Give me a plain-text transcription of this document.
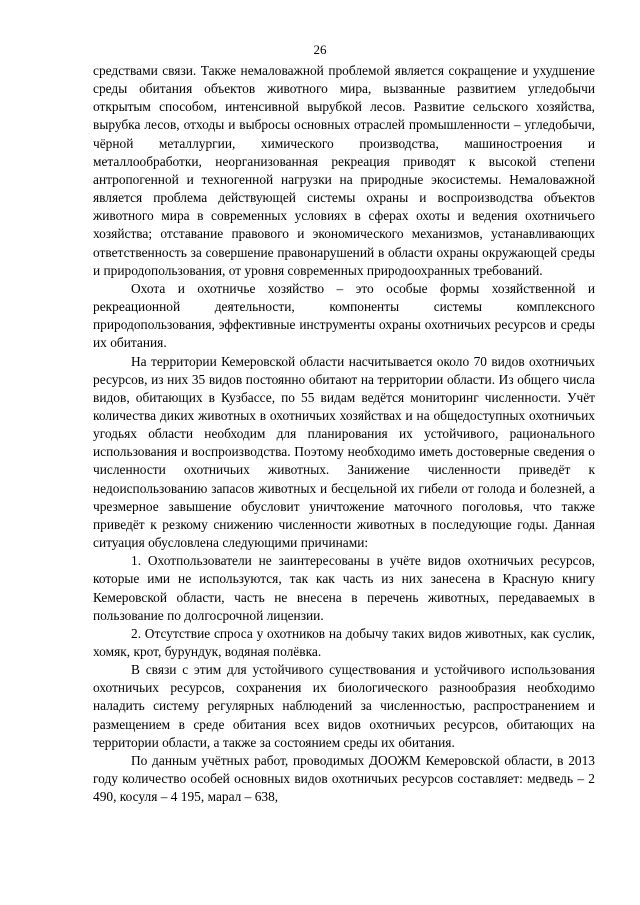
26

средствами связи. Также немаловажной проблемой является сокращение и ухудшение среды обитания объектов животного мира, вызванные развитием угледобычи открытым способом, интенсивной вырубкой лесов. Развитие сельского хозяйства, вырубка лесов, отходы и выбросы основных отраслей промышленности – угледобычи, чёрной металлургии, химического производства, машиностроения и металлообработки, неорганизованная рекреация приводят к высокой степени антропогенной и техногенной нагрузки на природные экосистемы. Немаловажной является проблема действующей системы охраны и воспроизводства объектов животного мира в современных условиях в сферах охоты и ведения охотничьего хозяйства; отставание правового и экономического механизмов, устанавливающих ответственность за совершение правонарушений в области охраны окружающей среды и природопользования, от уровня современных природоохранных требований.

Охота и охотничье хозяйство – это особые формы хозяйственной и рекреационной деятельности, компоненты системы комплексного природопользования, эффективные инструменты охраны охотничьих ресурсов и среды их обитания.

На территории Кемеровской области насчитывается около 70 видов охотничьих ресурсов, из них 35 видов постоянно обитают на территории области. Из общего числа видов, обитающих в Кузбассе, по 55 видам ведётся мониторинг численности. Учёт количества диких животных в охотничьих хозяйствах и на общедоступных охотничьих угодьях области необходим для планирования их устойчивого, рационального использования и воспроизводства. Поэтому необходимо иметь достоверные сведения о численности охотничьих животных. Занижение численности приведёт к недоиспользованию запасов животных и бесцельной их гибели от голода и болезней, а чрезмерное завышение обусловит уничтожение маточного поголовья, что также приведёт к резкому снижению численности животных в последующие годы. Данная ситуация обусловлена следующими причинами:

1. Охотпользователи не заинтересованы в учёте видов охотничьих ресурсов, которые ими не используются, так как часть из них занесена в Красную книгу Кемеровской области, часть не внесена в перечень животных, передаваемых в пользование по долгосрочной лицензии.

2. Отсутствие спроса у охотников на добычу таких видов животных, как суслик, хомяк, крот, бурундук, водяная полёвка.

В связи с этим для устойчивого существования и устойчивого использования охотничьих ресурсов, сохранения их биологического разнообразия необходимо наладить систему регулярных наблюдений за численностью, распространением и размещением в среде обитания всех видов охотничьих ресурсов, обитающих на территории области, а также за состоянием среды их обитания.

По данным учётных работ, проводимых ДООЖМ Кемеровской области, в 2013 году количество особей основных видов охотничьих ресурсов составляет: медведь – 2 490, косуля – 4 195, марал – 638,
